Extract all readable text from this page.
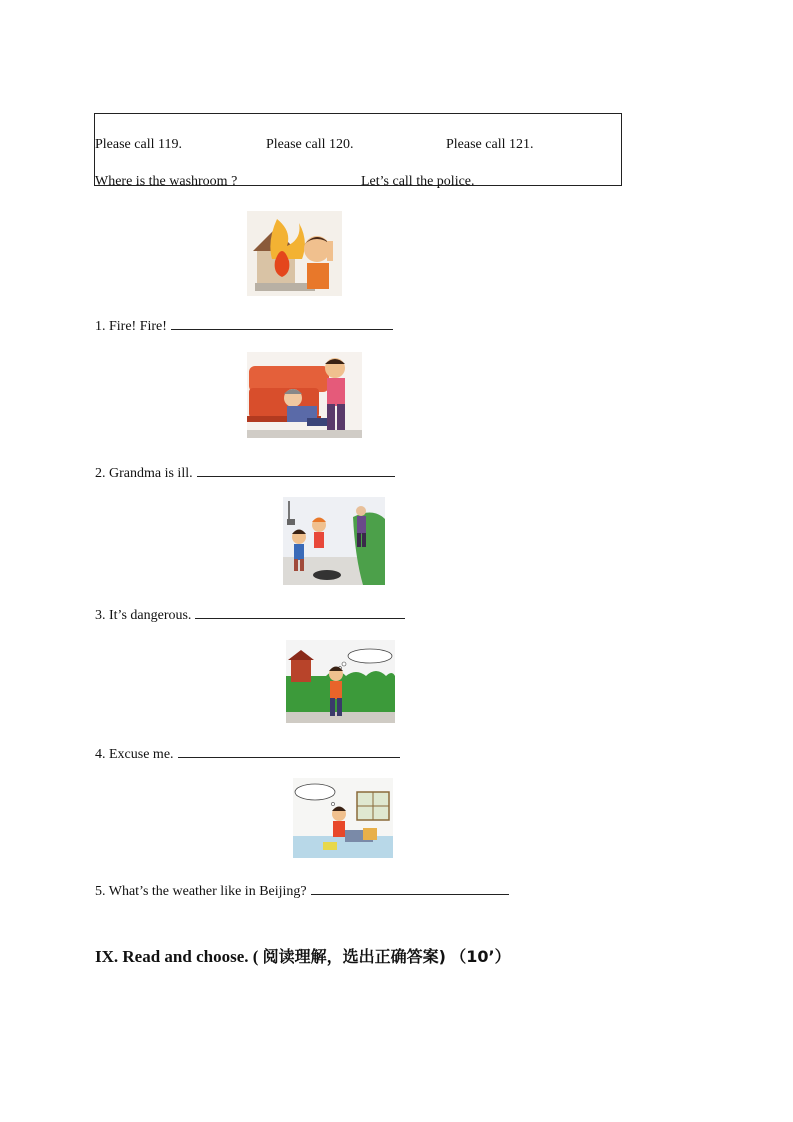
Please call 119.	Please call 120.	Please call 121.
Where is the washroom ?	Let’s call the police.
1. Fire! Fire!
2. Grandma is ill.
3. It’s dangerous.
4. Excuse me.
5. What’s the weather like in Beijing?
IX. Read and choose. ( 阅读理解，选出正确答案) （10’）
